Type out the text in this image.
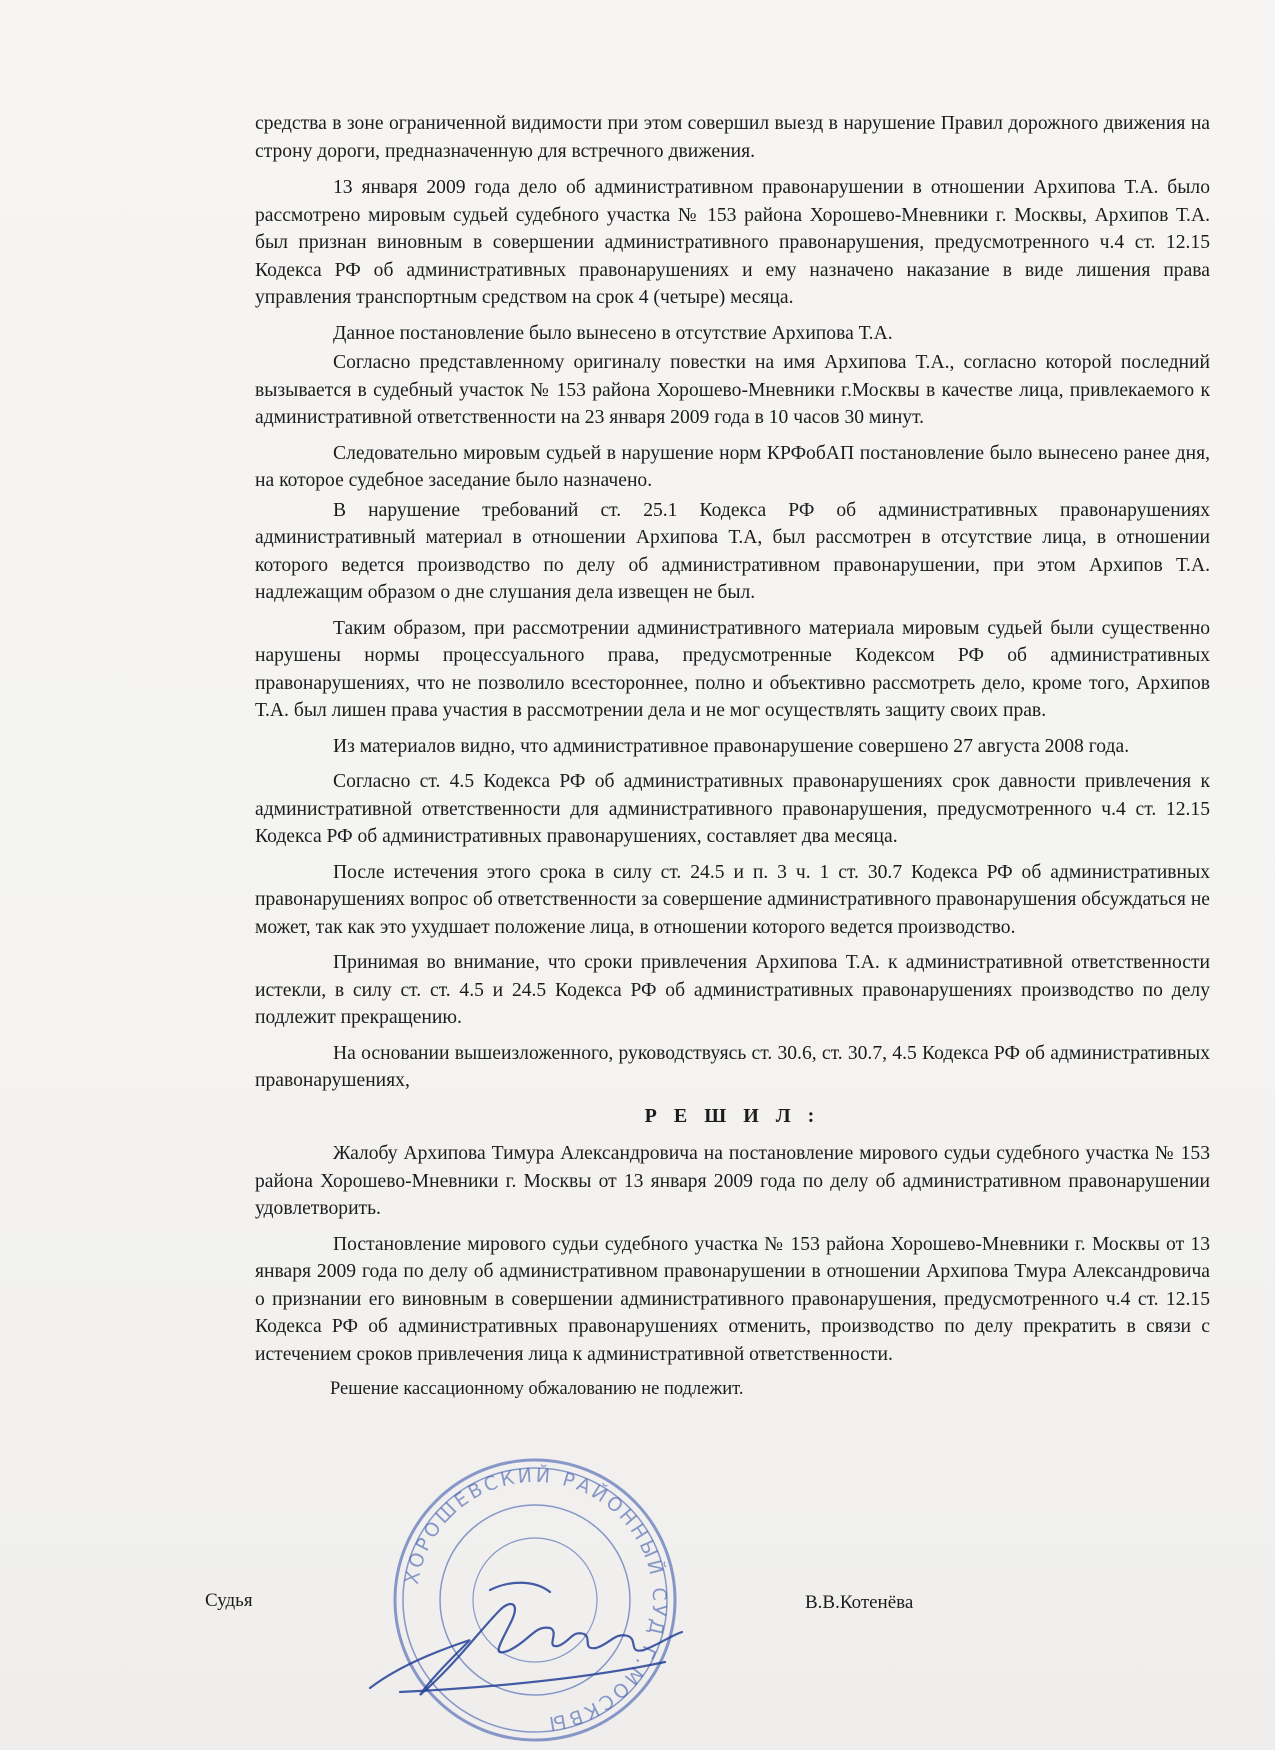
средства в зоне ограниченной видимости при этом совершил выезд в нарушение Правил дорожного движения на строну дороги, предназначенную для встречного движения.

13 января 2009 года дело об административном правонарушении в отношении Архипова Т.А. было рассмотрено мировым судьей судебного участка № 153 района Хорошево-Мневники г. Москвы, Архипов Т.А. был признан виновным в совершении административного правонарушения, предусмотренного ч.4 ст. 12.15 Кодекса РФ об административных правонарушениях и ему назначено наказание в виде лишения права управления транспортным средством на срок 4 (четыре) месяца.

Данное постановление было вынесено в отсутствие Архипова Т.А.

Согласно представленному оригиналу повестки на имя Архипова Т.А., согласно которой последний вызывается в судебный участок № 153 района Хорошево-Мневники г.Москвы в качестве лица, привлекаемого к административной ответственности на 23 января 2009 года в 10 часов 30 минут.

Следовательно мировым судьей в нарушение норм КРФобАП постановление было вынесено ранее дня, на которое судебное заседание было назначено.

В нарушение требований ст. 25.1 Кодекса РФ об административных правонарушениях административный материал в отношении Архипова Т.А, был рассмотрен в отсутствие лица, в отношении которого ведется производство по делу об административном правонарушении, при этом Архипов Т.А. надлежащим образом о дне слушания дела извещен не был.

Таким образом, при рассмотрении административного материала мировым судьей были существенно нарушены нормы процессуального права, предусмотренные Кодексом РФ об административных правонарушениях, что не позволило всестороннее, полно и объективно рассмотреть дело, кроме того, Архипов Т.А. был лишен права участия в рассмотрении дела и не мог осуществлять защиту своих прав.

Из материалов видно, что административное правонарушение совершено 27 августа 2008 года.

Согласно ст. 4.5 Кодекса РФ об административных правонарушениях срок давности привлечения к административной ответственности для административного правонарушения, предусмотренного ч.4 ст. 12.15 Кодекса РФ об административных правонарушениях, составляет два месяца.

После истечения этого срока в силу ст. 24.5 и п. 3 ч. 1 ст. 30.7 Кодекса РФ об административных правонарушениях вопрос об ответственности за совершение административного правонарушения обсуждаться не может, так как это ухудшает положение лица, в отношении которого ведется производство.

Принимая во внимание, что сроки привлечения Архипова Т.А. к административной ответственности истекли, в силу ст. ст. 4.5 и 24.5 Кодекса РФ об административных правонарушениях производство по делу подлежит прекращению.

На основании вышеизложенного, руководствуясь ст. 30.6, ст. 30.7, 4.5 Кодекса РФ об административных правонарушениях,

Р Е Ш И Л :

Жалобу Архипова Тимура Александровича на постановление мирового судьи судебного участка № 153 района Хорошево-Мневники г. Москвы от 13 января 2009 года по делу об административном правонарушении удовлетворить.

Постановление мирового судьи судебного участка № 153 района Хорошево-Мневники г. Москвы от 13 января 2009 года по делу об административном правонарушении в отношении Архипова Тмура Александровича о признании его виновным в совершении административного правонарушения, предусмотренного ч.4 ст. 12.15 Кодекса РФ об административных правонарушениях отменить, производство по делу прекратить в связи с истечением сроков привлечения лица к административной ответственности.

Решение кассационному обжалованию не подлежит.

ХОРОШЕВСКИЙ РАЙОННЫЙ СУД Г.МОСКВЫ
Судья	В.В.Котенёва
